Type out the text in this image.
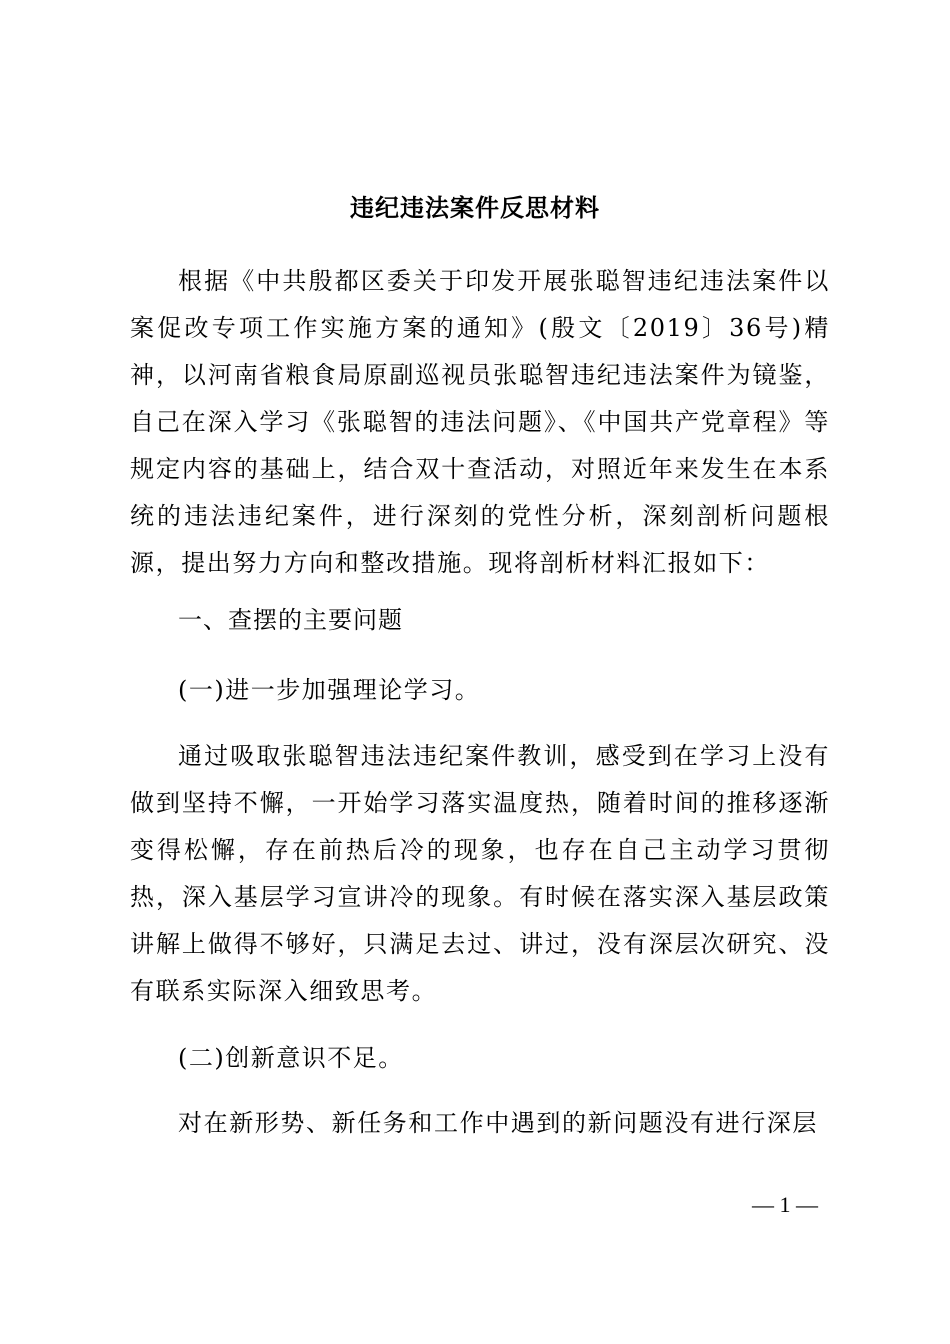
违纪违法案件反思材料

根据《中共殷都区委关于印发开展张聪智违纪违法案件以案促改专项工作实施方案的通知》(殷文〔2019〕36号)精神，以河南省粮食局原副巡视员张聪智违纪违法案件为镜鉴，自己在深入学习《张聪智的违法问题》、《中国共产党章程》等规定内容的基础上，结合双十查活动，对照近年来发生在本系统的违法违纪案件，进行深刻的党性分析，深刻剖析问题根源，提出努力方向和整改措施。现将剖析材料汇报如下：

一、查摆的主要问题
(一)进一步加强理论学习。

通过吸取张聪智违法违纪案件教训，感受到在学习上没有做到坚持不懈，一开始学习落实温度热，随着时间的推移逐渐变得松懈，存在前热后冷的现象，也存在自己主动学习贯彻热，深入基层学习宣讲冷的现象。有时候在落实深入基层政策讲解上做得不够好，只满足去过、讲过，没有深层次研究、没有联系实际深入细致思考。

(二)创新意识不足。

对在新形势、新任务和工作中遇到的新问题没有进行深层

— 1 —
